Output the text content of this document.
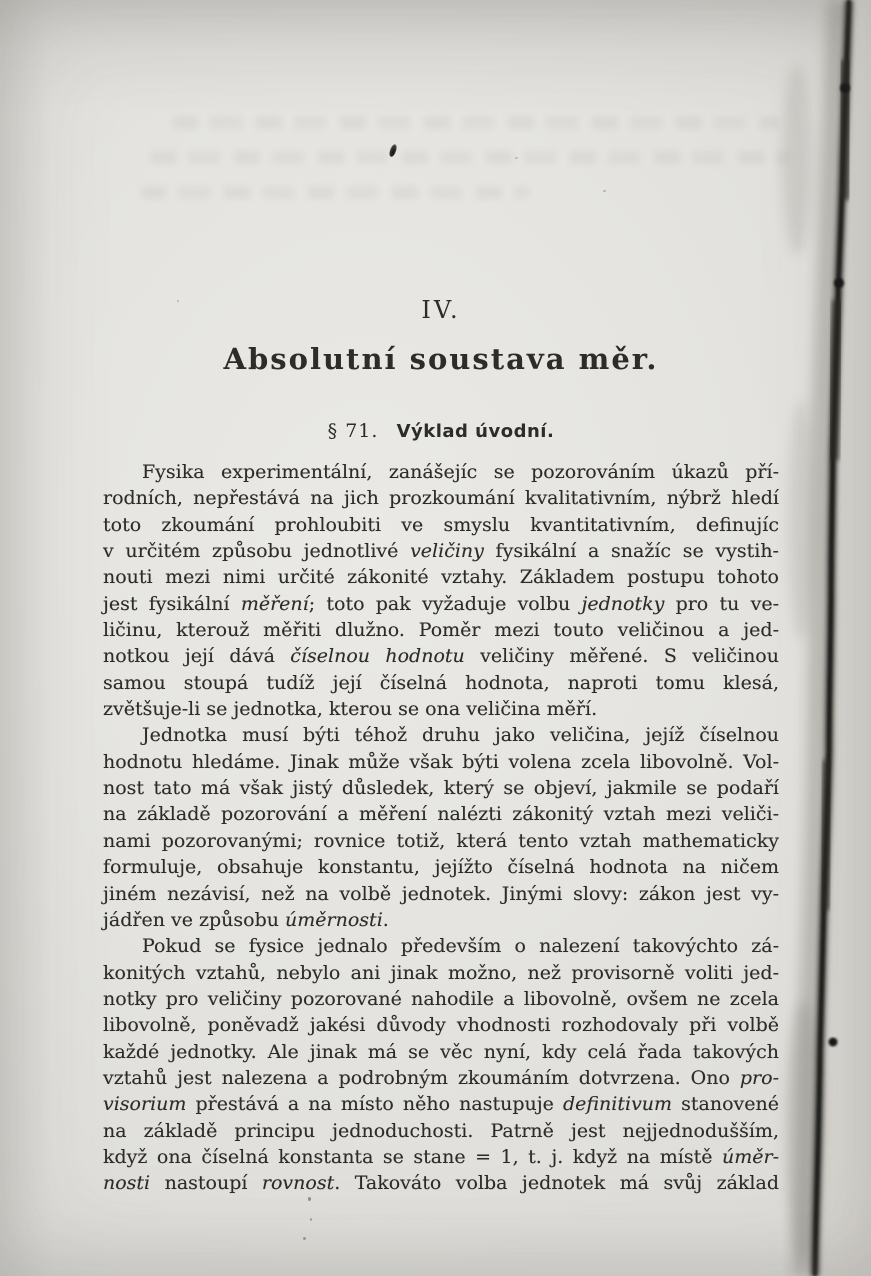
IV.
Absolutní soustava měr.
§ 71. Výklad úvodní.
Fysika experimentální, zanášejíc se pozorováním úkazů pří-
rodních, nepřestává na jich prozkoumání kvalitativním, nýbrž hledí
toto zkoumání prohloubiti ve smyslu kvantitativním, definujíc
v určitém způsobu jednotlivé veličiny fysikální a snažíc se vystih-
nouti mezi nimi určité zákonité vztahy. Základem postupu tohoto
jest fysikální měření; toto pak vyžaduje volbu jednotky pro tu ve-
ličinu, kterouž měřiti dlužno. Poměr mezi touto veličinou a jed-
notkou její dává číselnou hodnotu veličiny měřené. S veličinou
samou stoupá tudíž její číselná hodnota, naproti tomu klesá,
zvětšuje-li se jednotka, kterou se ona veličina měří.
Jednotka musí býti téhož druhu jako veličina, jejíž číselnou
hodnotu hledáme. Jinak může však býti volena zcela libovolně. Vol-
nost tato má však jistý důsledek, který se objeví, jakmile se podaří
na základě pozorování a měření nalézti zákonitý vztah mezi veliči-
nami pozorovanými; rovnice totiž, která tento vztah mathematicky
formuluje, obsahuje konstantu, jejížto číselná hodnota na ničem
jiném nezávisí, než na volbě jednotek. Jinými slovy: zákon jest vy-
jádřen ve způsobu úměrnosti.
Pokud se fysice jednalo především o nalezení takovýchto zá-
konitých vztahů, nebylo ani jinak možno, než provisorně voliti jed-
notky pro veličiny pozorované nahodile a libovolně, ovšem ne zcela
libovolně, poněvadž jakési důvody vhodnosti rozhodovaly při volbě
každé jednotky. Ale jinak má se věc nyní, kdy celá řada takových
vztahů jest nalezena a podrobným zkoumáním dotvrzena. Ono pro-
visorium přestává a na místo něho nastupuje definitivum stanovené
na základě principu jednoduchosti. Patrně jest nejjednodušším,
když ona číselná konstanta se stane = 1, t. j. když na místě úměr-
nosti nastoupí rovnost. Takováto volba jednotek má svůj základ
